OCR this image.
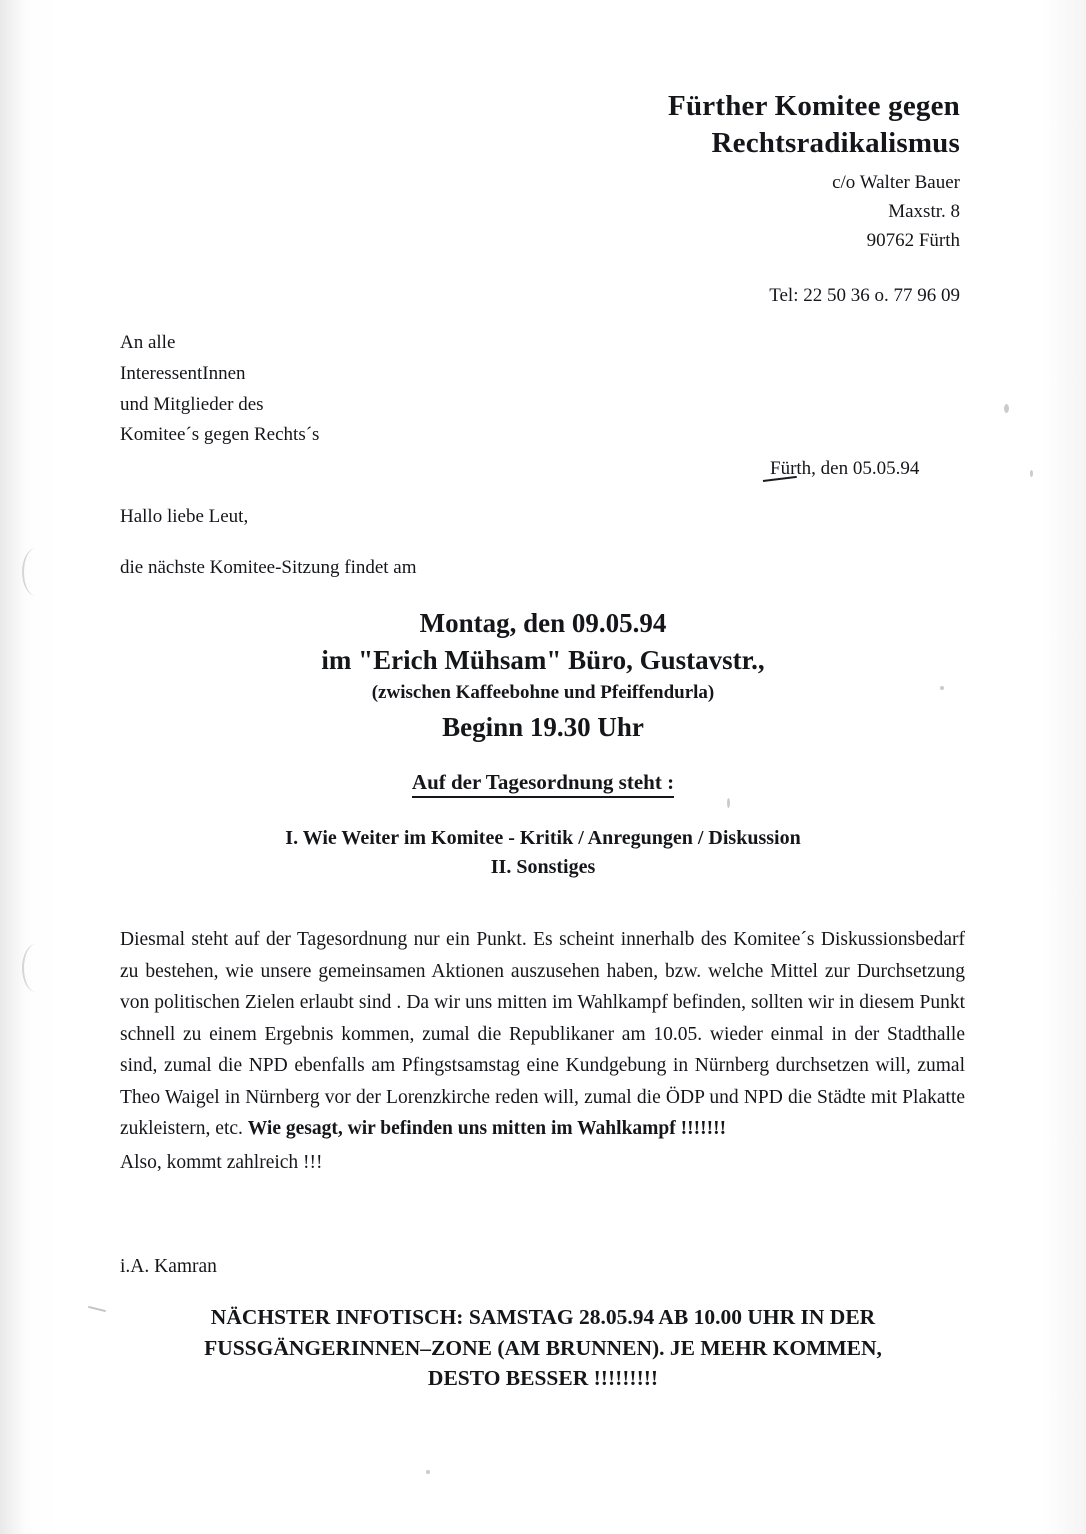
Fürther Komitee gegen
Rechtsradikalismus
c/o Walter Bauer
Maxstr. 8
90762 Fürth
Tel: 22 50 36 o. 77 96 09
An alle
InteressentInnen
und Mitglieder des
Komitee´s gegen Rechts´s
Fürth, den 05.05.94
Hallo liebe Leut,
die nächste Komitee-Sitzung findet am
Montag, den 09.05.94
im "Erich Mühsam" Büro, Gustavstr.,
(zwischen Kaffeebohne und Pfeiffendurla)
Beginn 19.30 Uhr
Auf der Tagesordnung steht :
I. Wie Weiter im Komitee - Kritik / Anregungen / Diskussion
II. Sonstiges
Diesmal steht auf der Tagesordnung nur ein Punkt. Es scheint innerhalb des Komitee´s Diskussionsbedarf zu bestehen, wie unsere gemeinsamen Aktionen auszusehen haben, bzw. welche Mittel zur Durchsetzung von politischen Zielen erlaubt sind . Da wir uns mitten im Wahlkampf befinden, sollten wir in diesem Punkt schnell zu einem Ergebnis kommen, zumal die Republikaner am 10.05. wieder einmal in der Stadthalle sind, zumal die NPD ebenfalls am Pfingstsamstag eine Kundgebung in Nürnberg durchsetzen will, zumal Theo Waigel in Nürnberg vor der Lorenzkirche reden will, zumal die ÖDP und NPD die Städte mit Plakatte zukleistern, etc. Wie gesagt, wir befinden uns mitten im Wahlkampf !!!!!!!
Also, kommt zahlreich !!!
i.A. Kamran
NÄCHSTER INFOTISCH: SAMSTAG 28.05.94 AB 10.00 UHR IN DER
FUSSGÄNGERINNEN–ZONE (AM BRUNNEN). JE MEHR KOMMEN,
DESTO BESSER !!!!!!!!!
